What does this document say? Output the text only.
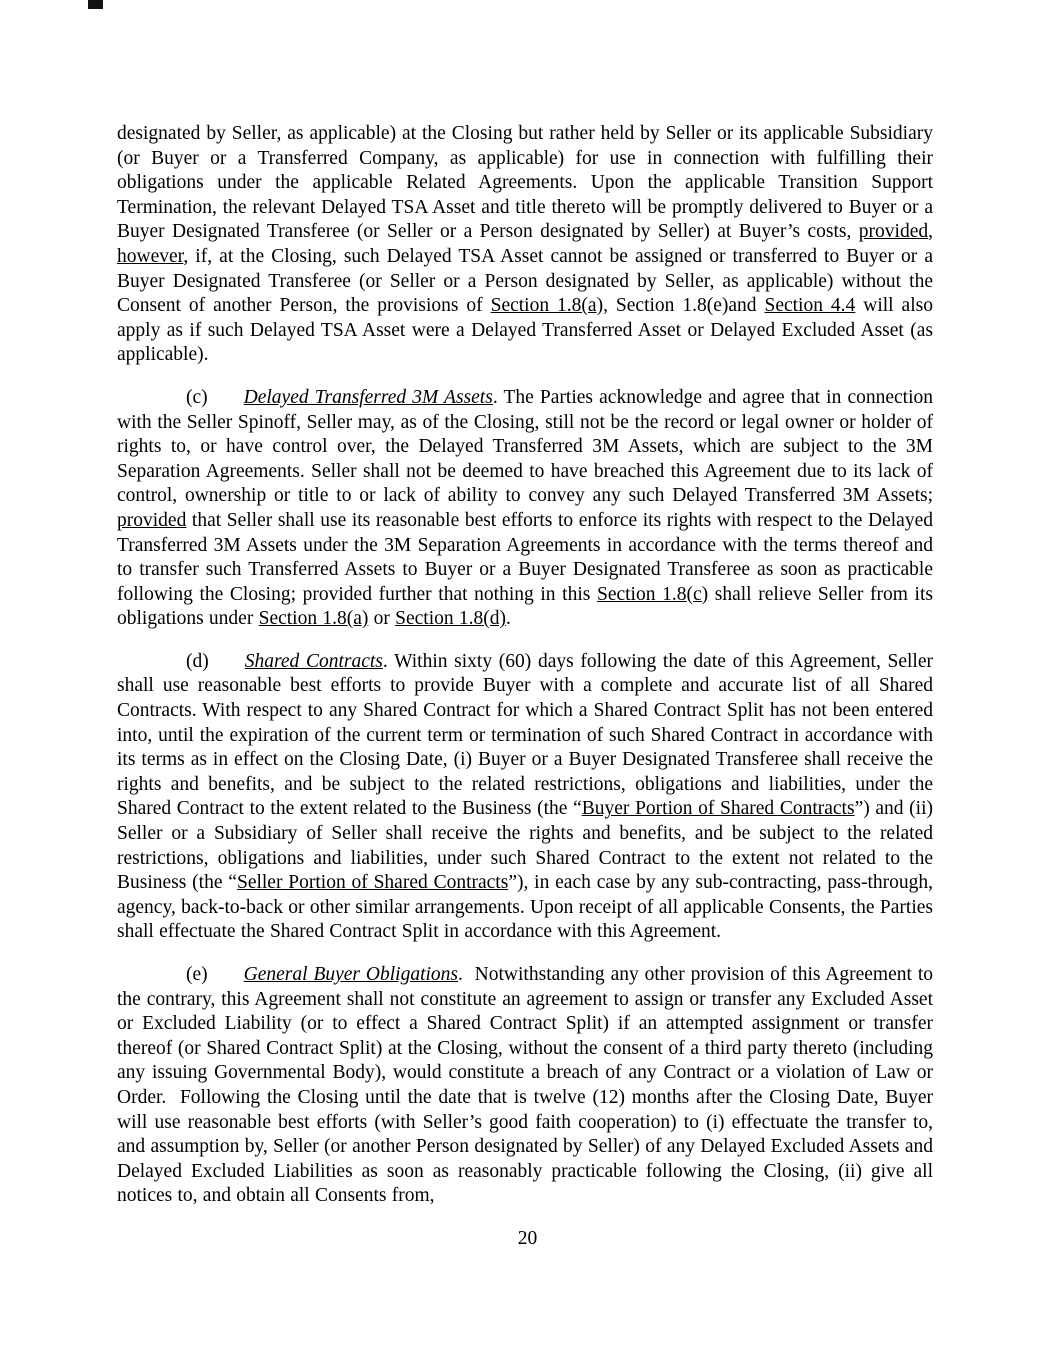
designated by Seller, as applicable) at the Closing but rather held by Seller or its applicable Subsidiary (or Buyer or a Transferred Company, as applicable) for use in connection with fulfilling their obligations under the applicable Related Agreements. Upon the applicable Transition Support Termination, the relevant Delayed TSA Asset and title thereto will be promptly delivered to Buyer or a Buyer Designated Transferee (or Seller or a Person designated by Seller) at Buyer’s costs, provided, however, if, at the Closing, such Delayed TSA Asset cannot be assigned or transferred to Buyer or a Buyer Designated Transferee (or Seller or a Person designated by Seller, as applicable) without the Consent of another Person, the provisions of Section 1.8(a), Section 1.8(e)and Section 4.4 will also apply as if such Delayed TSA Asset were a Delayed Transferred Asset or Delayed Excluded Asset (as applicable).

(c) Delayed Transferred 3M Assets. The Parties acknowledge and agree that in connection with the Seller Spinoff, Seller may, as of the Closing, still not be the record or legal owner or holder of rights to, or have control over, the Delayed Transferred 3M Assets, which are subject to the 3M Separation Agreements. Seller shall not be deemed to have breached this Agreement due to its lack of control, ownership or title to or lack of ability to convey any such Delayed Transferred 3M Assets; provided that Seller shall use its reasonable best efforts to enforce its rights with respect to the Delayed Transferred 3M Assets under the 3M Separation Agreements in accordance with the terms thereof and to transfer such Transferred Assets to Buyer or a Buyer Designated Transferee as soon as practicable following the Closing; provided further that nothing in this Section 1.8(c) shall relieve Seller from its obligations under Section 1.8(a) or Section 1.8(d).

(d) Shared Contracts. Within sixty (60) days following the date of this Agreement, Seller shall use reasonable best efforts to provide Buyer with a complete and accurate list of all Shared Contracts. With respect to any Shared Contract for which a Shared Contract Split has not been entered into, until the expiration of the current term or termination of such Shared Contract in accordance with its terms as in effect on the Closing Date, (i) Buyer or a Buyer Designated Transferee shall receive the rights and benefits, and be subject to the related restrictions, obligations and liabilities, under the Shared Contract to the extent related to the Business (the “Buyer Portion of Shared Contracts”) and (ii) Seller or a Subsidiary of Seller shall receive the rights and benefits, and be subject to the related restrictions, obligations and liabilities, under such Shared Contract to the extent not related to the Business (the “Seller Portion of Shared Contracts”), in each case by any sub-contracting, pass-through, agency, back-to-back or other similar arrangements. Upon receipt of all applicable Consents, the Parties shall effectuate the Shared Contract Split in accordance with this Agreement.

(e) General Buyer Obligations.  Notwithstanding any other provision of this Agreement to the contrary, this Agreement shall not constitute an agreement to assign or transfer any Excluded Asset or Excluded Liability (or to effect a Shared Contract Split) if an attempted assignment or transfer thereof (or Shared Contract Split) at the Closing, without the consent of a third party thereto (including any issuing Governmental Body), would constitute a breach of any Contract or a violation of Law or Order.  Following the Closing until the date that is twelve (12) months after the Closing Date, Buyer will use reasonable best efforts (with Seller’s good faith cooperation) to (i) effectuate the transfer to, and assumption by, Seller (or another Person designated by Seller) of any Delayed Excluded Assets and Delayed Excluded Liabilities as soon as reasonably practicable following the Closing, (ii) give all notices to, and obtain all Consents from,

20
